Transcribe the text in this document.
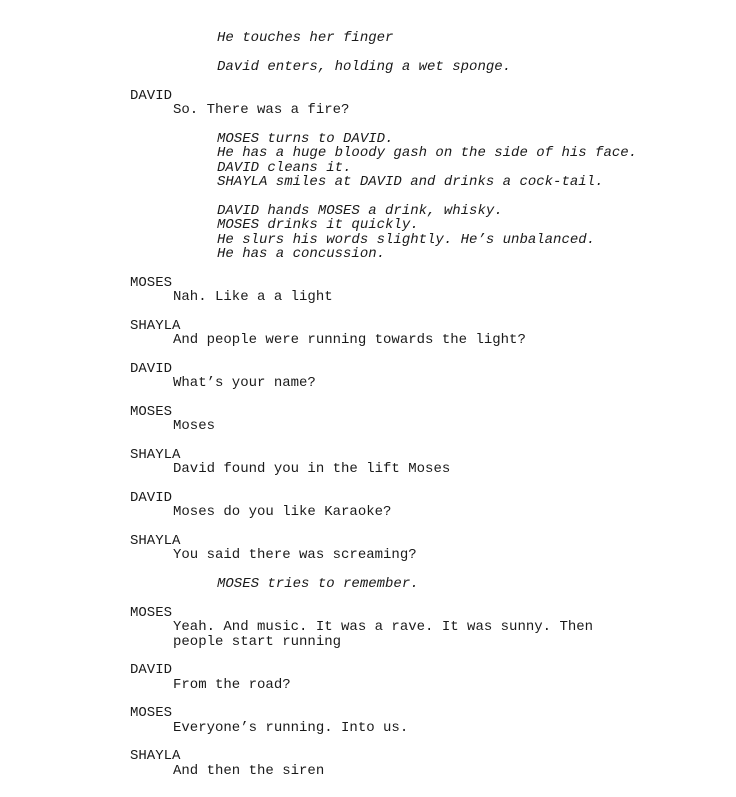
He touches her finger
David enters, holding a wet sponge.
DAVID
So. There was a fire?
MOSES turns to DAVID.
He has a huge bloody gash on the side of his face.
DAVID cleans it.
SHAYLA smiles at DAVID and drinks a cock-tail.
DAVID hands MOSES a drink, whisky.
MOSES drinks it quickly.
He slurs his words slightly. He’s unbalanced.
He has a concussion.
MOSES
Nah. Like a a light
SHAYLA
And people were running towards the light?
DAVID
What’s your name?
MOSES
Moses
SHAYLA
David found you in the lift Moses
DAVID
Moses do you like Karaoke?
SHAYLA
You said there was screaming?
MOSES tries to remember.
MOSES
Yeah. And music. It was a rave. It was sunny. Then
people start running
DAVID
From the road?
MOSES
Everyone’s running. Into us.
SHAYLA
And then the siren
